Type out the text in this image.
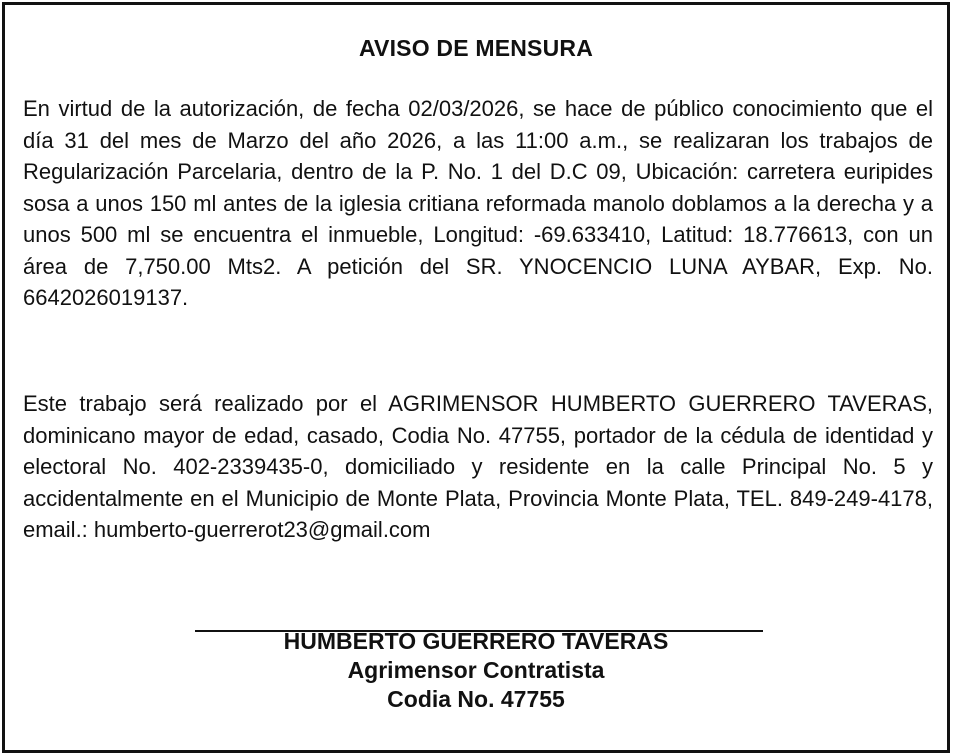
AVISO DE MENSURA

En virtud de la autorización, de fecha 02/03/2026, se hace de público conocimiento que el día 31 del mes de Marzo del año 2026, a las 11:00 a.m., se realizaran los trabajos de Regularización Parcelaria, dentro de la P. No. 1 del D.C 09, Ubicación: carretera euripides sosa a unos 150 ml antes de la iglesia critiana reformada manolo doblamos a la derecha y a unos 500 ml se encuentra el inmueble, Longitud: -69.633410, Latitud: 18.776613, con un área de 7,750.00 Mts2. A petición del SR. YNOCENCIO LUNA AYBAR, Exp. No. 6642026019137.

Este trabajo será realizado por el AGRIMENSOR HUMBERTO GUERRERO TAVERAS, dominicano mayor de edad, casado, Codia No. 47755, portador de la cédula de identidad y electoral No. 402-2339435-0, domiciliado y residente en la calle Principal No. 5 y accidentalmente en el Municipio de Monte Plata, Provincia Monte Plata, TEL. 849-249-4178, email.: humberto-guerrerot23@gmail.com

HUMBERTO GUERRERO TAVERAS
Agrimensor Contratista
Codia No. 47755
